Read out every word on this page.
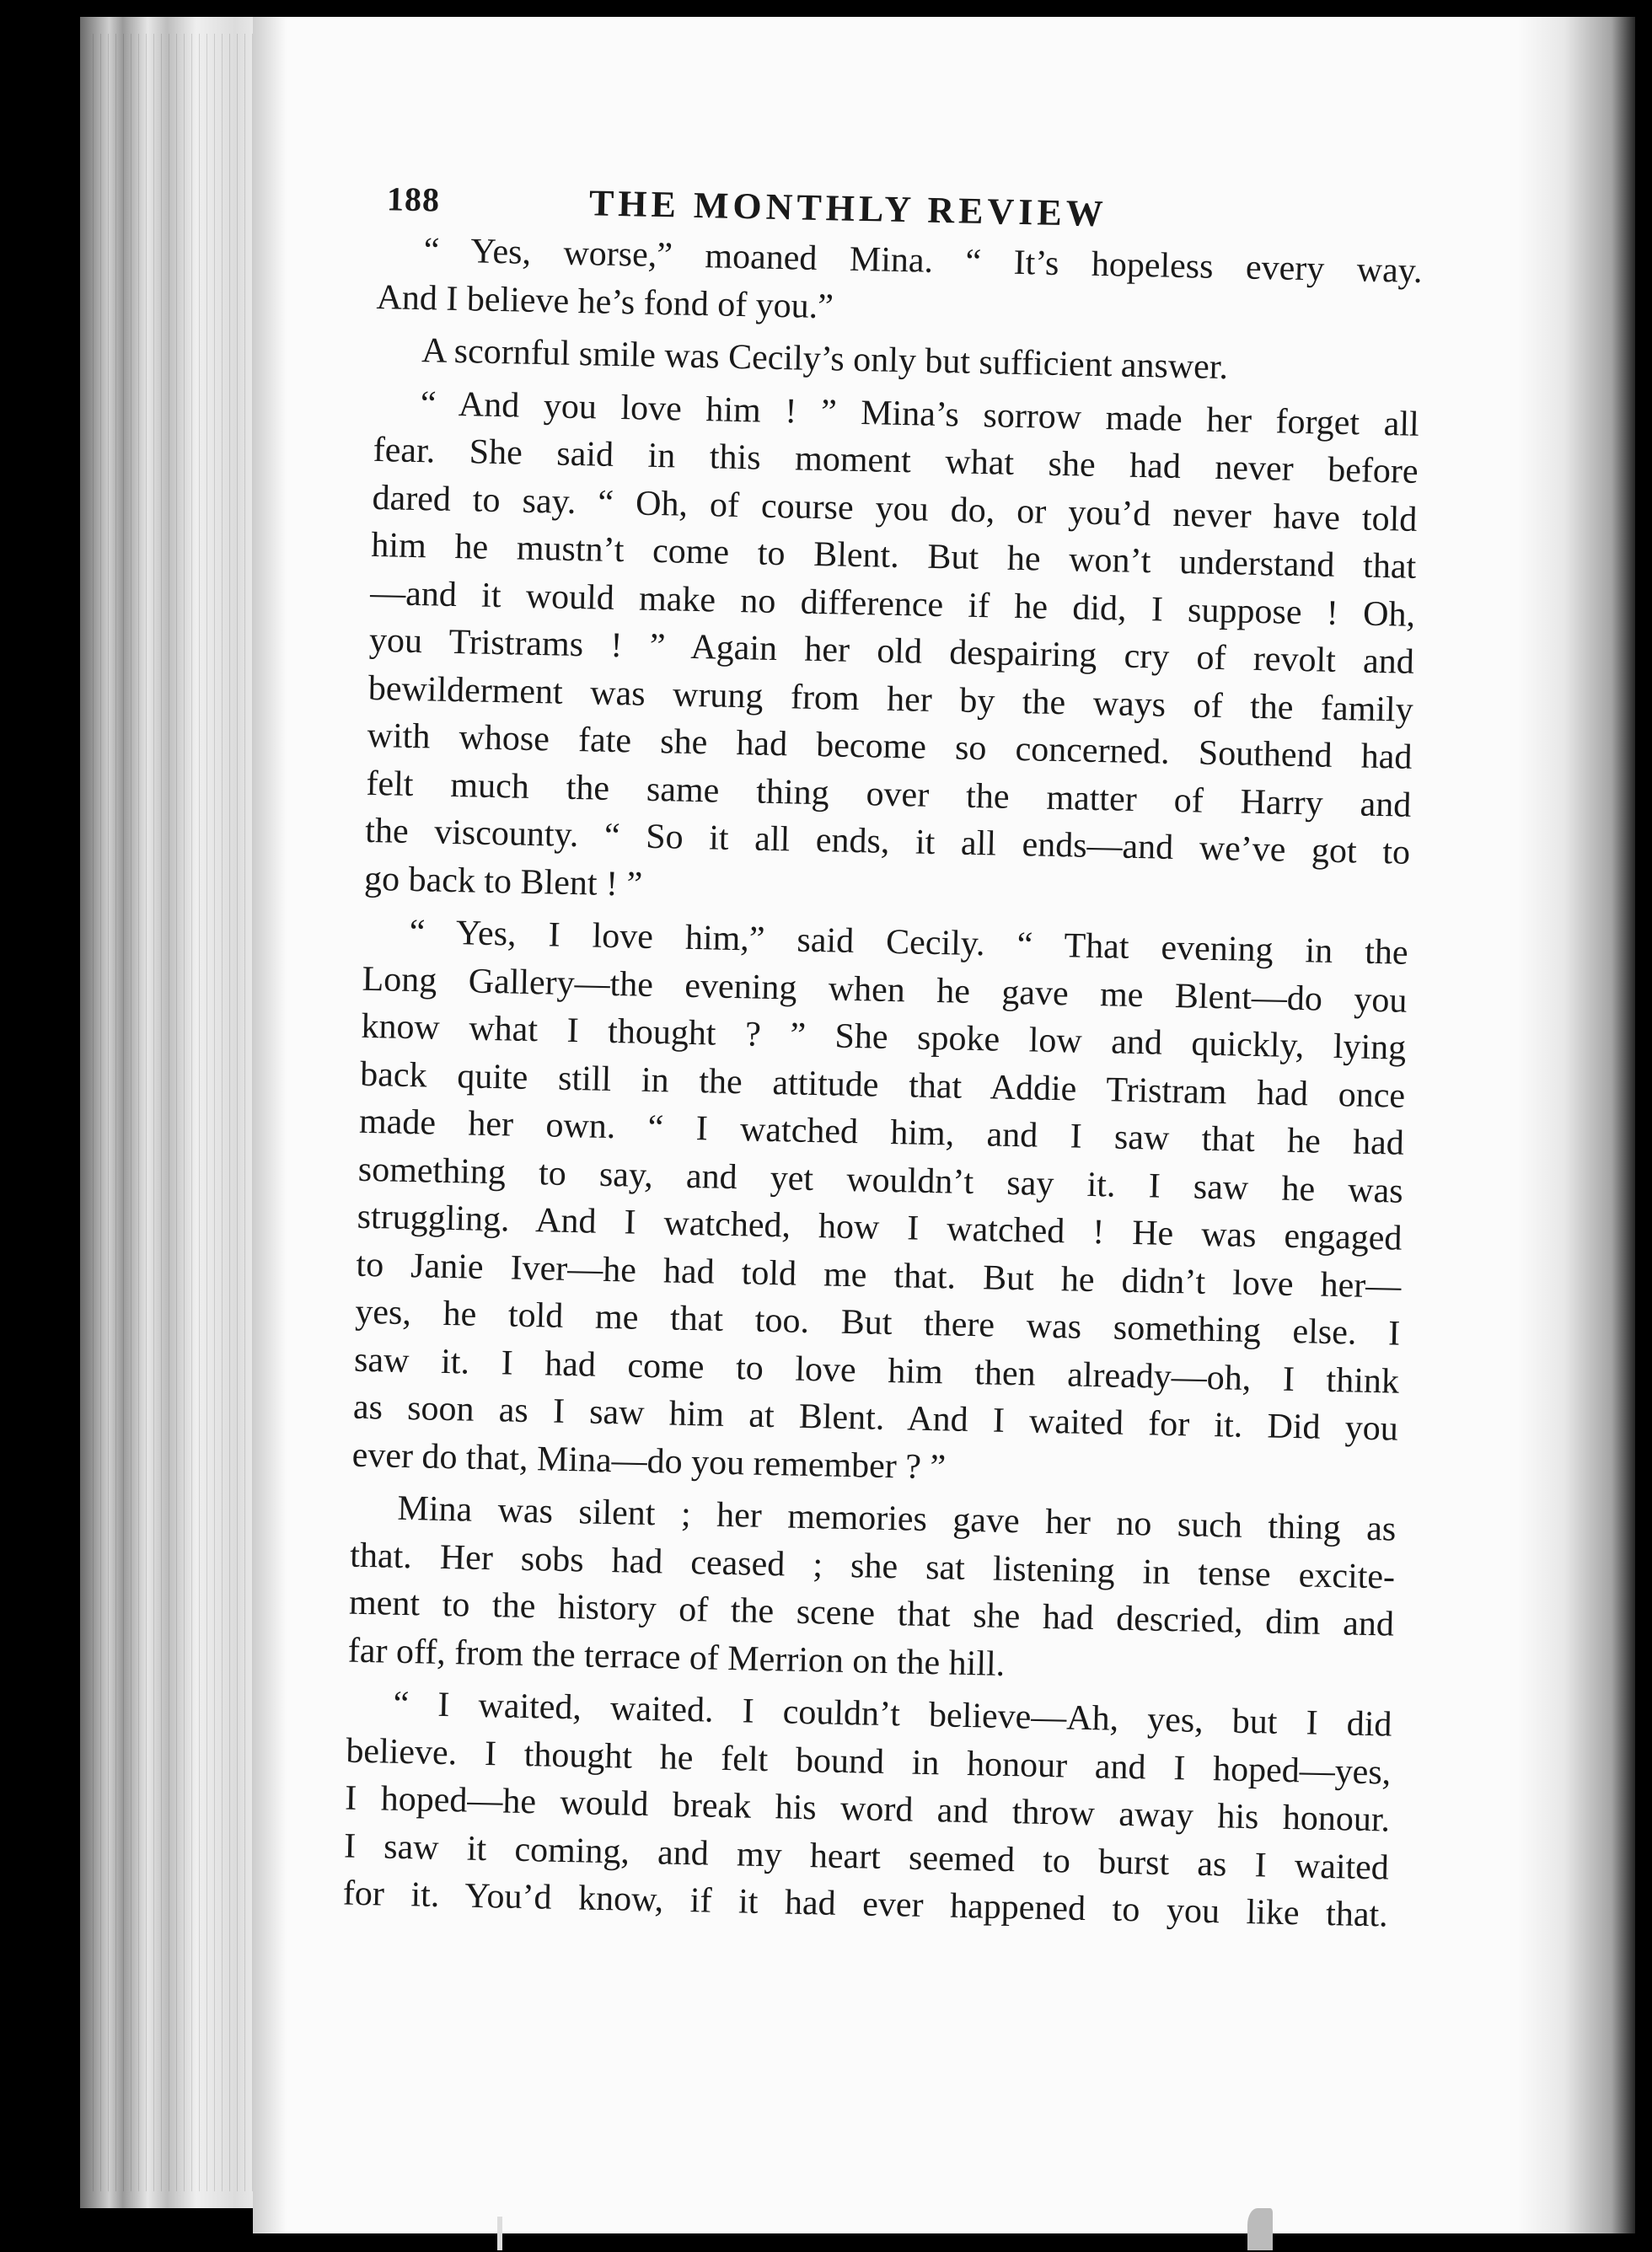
188	THE MONTHLY REVIEW

“ Yes, worse,” moaned Mina. “ It’s hopeless every way.
And I believe he’s fond of you.”

A scornful smile was Cecily’s only but sufficient answer.

“ And you love him ! ” Mina’s sorrow made her forget all
fear. She said in this moment what she had never before
dared to say. “ Oh, of course you do, or you’d never have told
him he mustn’t come to Blent. But he won’t understand that
—and it would make no difference if he did, I suppose ! Oh,
you Tristrams ! ” Again her old despairing cry of revolt and
bewilderment was wrung from her by the ways of the family
with whose fate she had become so concerned. Southend had
felt much the same thing over the matter of Harry and
the viscounty. “ So it all ends, it all ends—and we’ve got to
go back to Blent ! ”

“ Yes, I love him,” said Cecily. “ That evening in the
Long Gallery—the evening when he gave me Blent—do you
know what I thought ? ” She spoke low and quickly, lying
back quite still in the attitude that Addie Tristram had once
made her own. “ I watched him, and I saw that he had
something to say, and yet wouldn’t say it. I saw he was
struggling. And I watched, how I watched ! He was engaged
to Janie Iver—he had told me that. But he didn’t love her—
yes, he told me that too. But there was something else. I
saw it. I had come to love him then already—oh, I think
as soon as I saw him at Blent. And I waited for it. Did you
ever do that, Mina—do you remember ? ”

Mina was silent ; her memories gave her no such thing as
that. Her sobs had ceased ; she sat listening in tense excite-
ment to the history of the scene that she had descried, dim and
far off, from the terrace of Merrion on the hill.

“ I waited, waited. I couldn’t believe—Ah, yes, but I did
believe. I thought he felt bound in honour and I hoped—yes,
I hoped—he would break his word and throw away his honour.
I saw it coming, and my heart seemed to burst as I waited
for it. You’d know, if it had ever happened to you like that.
